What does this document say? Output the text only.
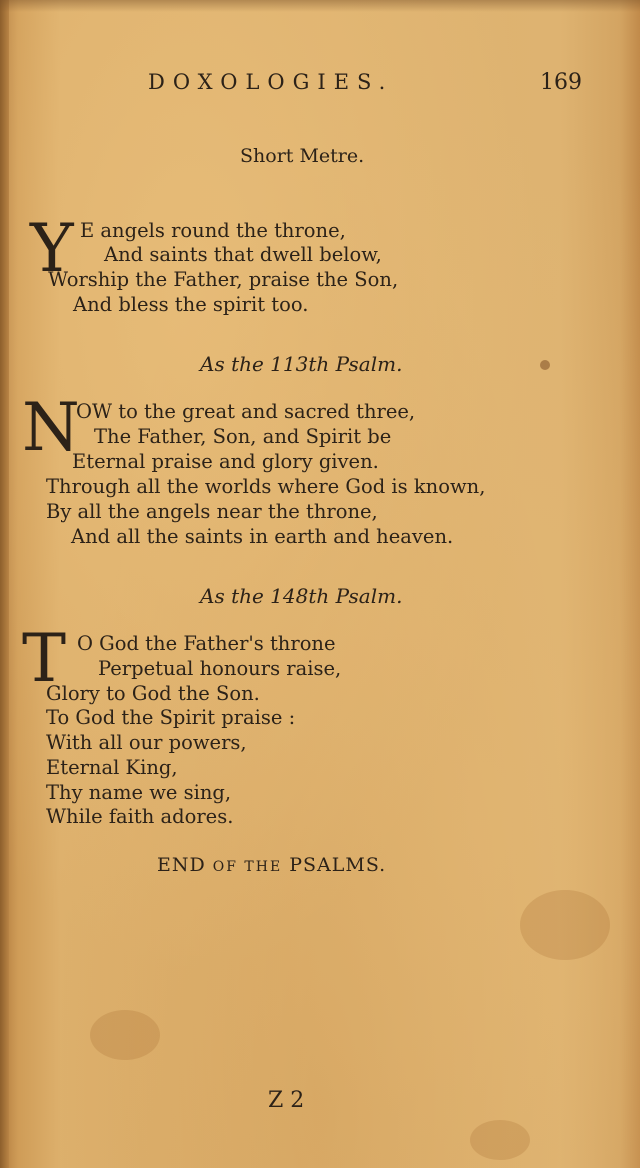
DOXOLOGIES.	169
Short Metre.
Y E angels round the throne,
And saints that dwell below,
Worship the Father, praise the Son,
And bless the spirit too.
As the 113th Psalm.
N
OW to the great and sacred three,
The Father, Son, and Spirit be
Eternal praise and glory given.
Through all the worlds where God is known,
By all the angels near the throne,
And all the saints in earth and heaven.
As the 148th Psalm.
T O God the Father's throne
Perpetual honours raise,
Glory to God the Son.
To God the Spirit praise :
With all our powers,
Eternal King,
Thy name we sing,
While faith adores.
END OF THE PSALMS.
Z 2
